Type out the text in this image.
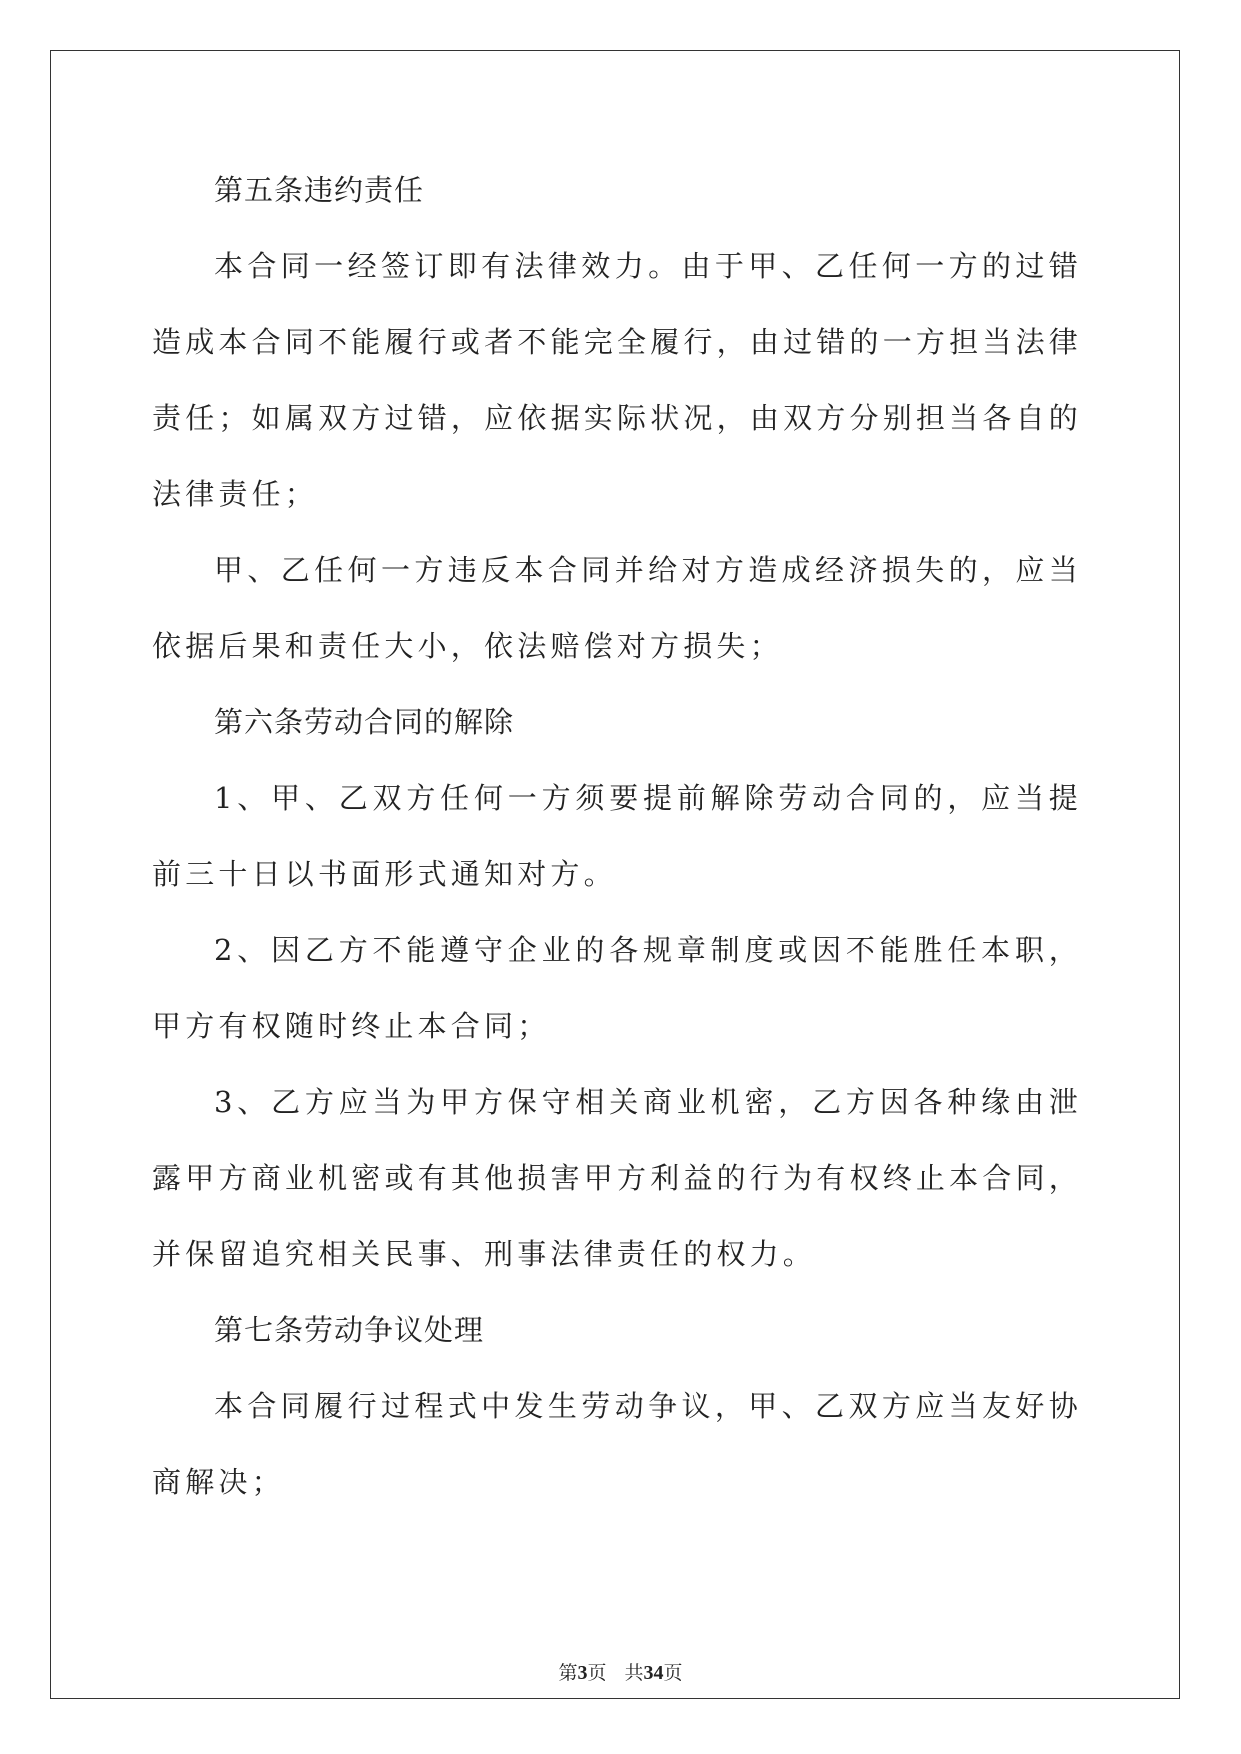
第五条违约责任

本合同一经签订即有法律效力。由于甲、乙任何一方的过错造成本合同不能履行或者不能完全履行，由过错的一方担当法律责任；如属双方过错，应依据实际状况，由双方分别担当各自的法律责任；

甲、乙任何一方违反本合同并给对方造成经济损失的，应当依据后果和责任大小，依法赔偿对方损失；

第六条劳动合同的解除

1、甲、乙双方任何一方须要提前解除劳动合同的，应当提前三十日以书面形式通知对方。

2、因乙方不能遵守企业的各规章制度或因不能胜任本职，甲方有权随时终止本合同；

3、乙方应当为甲方保守相关商业机密，乙方因各种缘由泄露甲方商业机密或有其他损害甲方利益的行为有权终止本合同，并保留追究相关民事、刑事法律责任的权力。

第七条劳动争议处理

本合同履行过程式中发生劳动争议，甲、乙双方应当友好协商解决；

第3页 共34页
